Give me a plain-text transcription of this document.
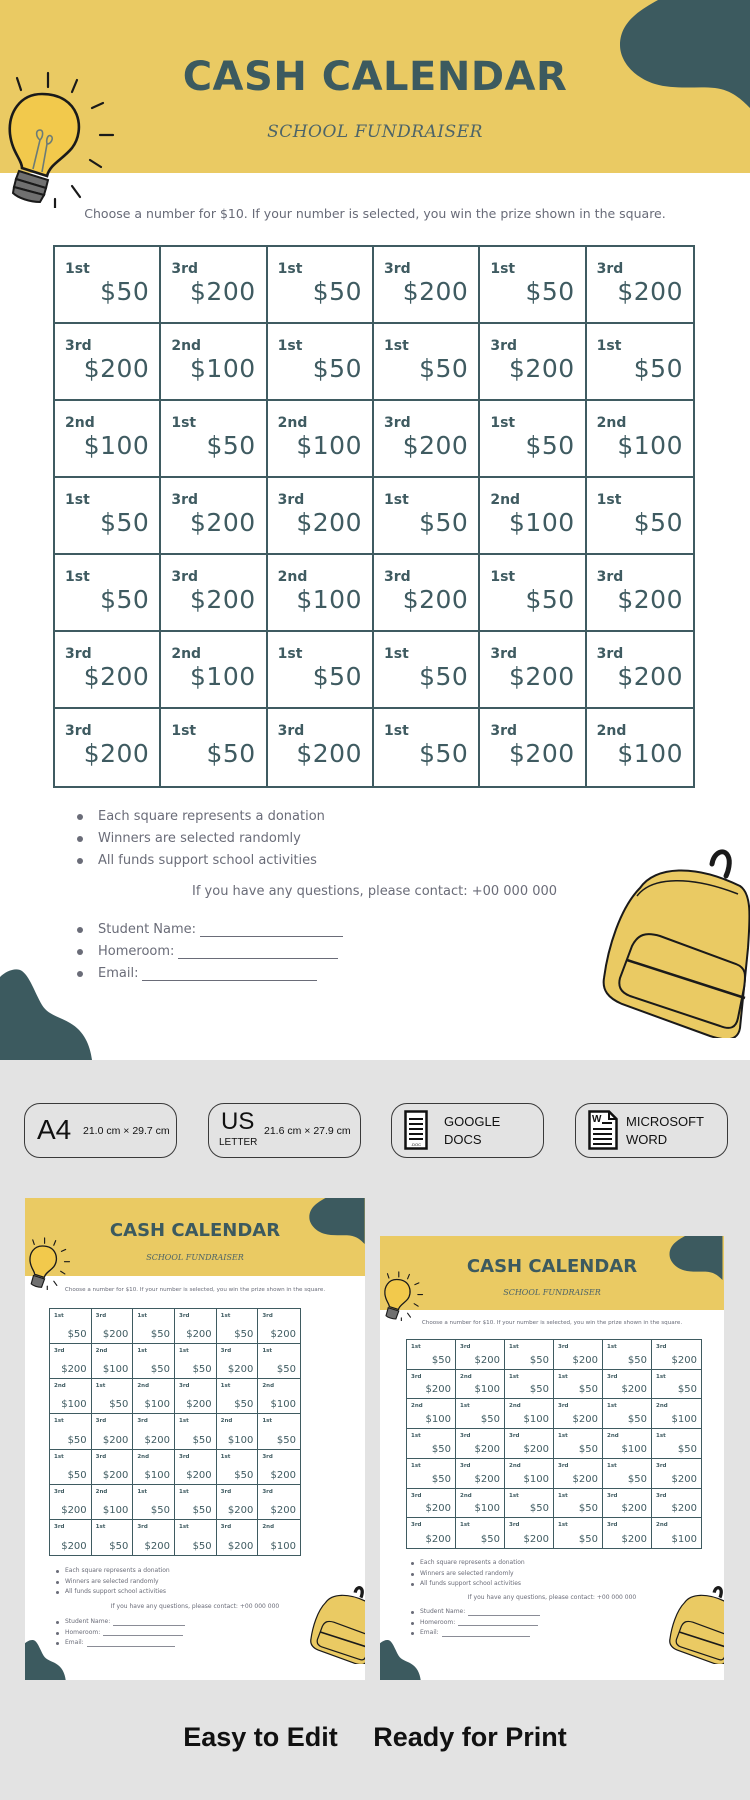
CASH CALENDAR
SCHOOL FUNDRAISER

Choose a number for $10. If your number is selected, you win the prize shown in the square.

1st
$50
3rd
$200
1st
$50
3rd
$200
1st
$50
3rd
$200
3rd
$200
2nd
$100
1st
$50
1st
$50
3rd
$200
1st
$50
2nd
$100
1st
$50
2nd
$100
3rd
$200
1st
$50
2nd
$100
1st
$50
3rd
$200
3rd
$200
1st
$50
2nd
$100
1st
$50
1st
$50
3rd
$200
2nd
$100
3rd
$200
1st
$50
3rd
$200
3rd
$200
2nd
$100
1st
$50
1st
$50
3rd
$200
3rd
$200
3rd
$200
1st
$50
3rd
$200
1st
$50
3rd
$200
2nd
$100
Each square represents a donation
Winners are selected randomly
All funds support school activities

If you have any questions, please contact: +00 000 000

Student Name:
Homeroom:
Email:
A4 21.0 cm × 29.7 cm US
LETTER
21.6 cm × 27.9 cm
.DOC
GOOGLE
DOCS
W MICROSOFT
WORD
CASH CALENDAR
SCHOOL FUNDRAISER
Choose a number for $10. If your number is selected, you win the prize shown in the square.
1st
$50
3rd
$200
1st
$50
3rd
$200
1st
$50
3rd
$200
3rd
$200
2nd
$100
1st
$50
1st
$50
3rd
$200
1st
$50
2nd
$100
1st
$50
2nd
$100
3rd
$200
1st
$50
2nd
$100
1st
$50
3rd
$200
3rd
$200
1st
$50
2nd
$100
1st
$50
1st
$50
3rd
$200
2nd
$100
3rd
$200
1st
$50
3rd
$200
3rd
$200
2nd
$100
1st
$50
1st
$50
3rd
$200
3rd
$200
3rd
$200
1st
$50
3rd
$200
1st
$50
3rd
$200
2nd
$100
Each square represents a donation
Winners are selected randomly
All funds support school activities
If you have any questions, please contact: +00 000 000
Student Name:
Homeroom:
Email:
CASH CALENDAR
SCHOOL FUNDRAISER
Choose a number for $10. If your number is selected, you win the prize shown in the square.
1st
$50
3rd
$200
1st
$50
3rd
$200
1st
$50
3rd
$200
3rd
$200
2nd
$100
1st
$50
1st
$50
3rd
$200
1st
$50
2nd
$100
1st
$50
2nd
$100
3rd
$200
1st
$50
2nd
$100
1st
$50
3rd
$200
3rd
$200
1st
$50
2nd
$100
1st
$50
1st
$50
3rd
$200
2nd
$100
3rd
$200
1st
$50
3rd
$200
3rd
$200
2nd
$100
1st
$50
1st
$50
3rd
$200
3rd
$200
3rd
$200
1st
$50
3rd
$200
1st
$50
3rd
$200
2nd
$100
Each square represents a donation
Winners are selected randomly
All funds support school activities
If you have any questions, please contact: +00 000 000
Student Name:
Homeroom:
Email:
Easy to Edit Ready for Print
